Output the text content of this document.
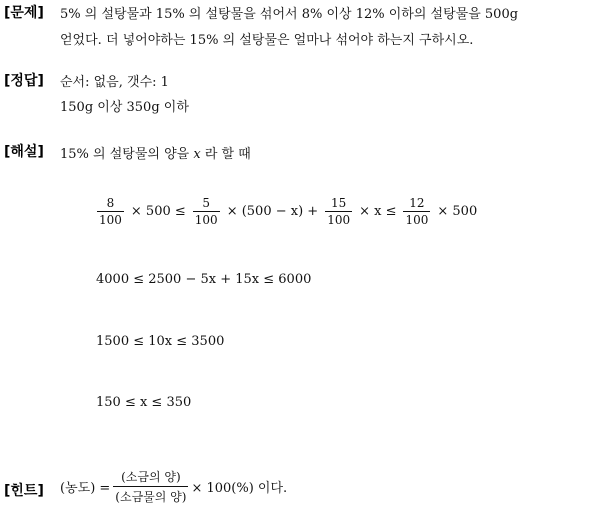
[문제] 5% 의 설탕물과 15% 의 설탕물을 섞어서 8% 이상 12% 이하의 설탕물을 500g
얻었다. 더 넣어야하는 15% 의 설탕물은 얼마나 섞어야 하는지 구하시오.
[정답] 순서: 없음, 갯수: 1
150g 이상 350g 이하
[해설] 15% 의 설탕물의 양을 x 라 할 때
$\frac{8}{100} \times 500 \le \frac{5}{100} \times (500 - x) + \frac{15}{100} \times x \le \frac{12}{100} \times 500$
4000 ≤ 2500 − 5x + 15x ≤ 6000
1500 ≤ 10x ≤ 3500
150 ≤ x ≤ 350
[힌트] (농도) = $\frac{\text{(소금의 양)}}{\text{(소금물의 양)}} \times 100(\%)$ 이다.
